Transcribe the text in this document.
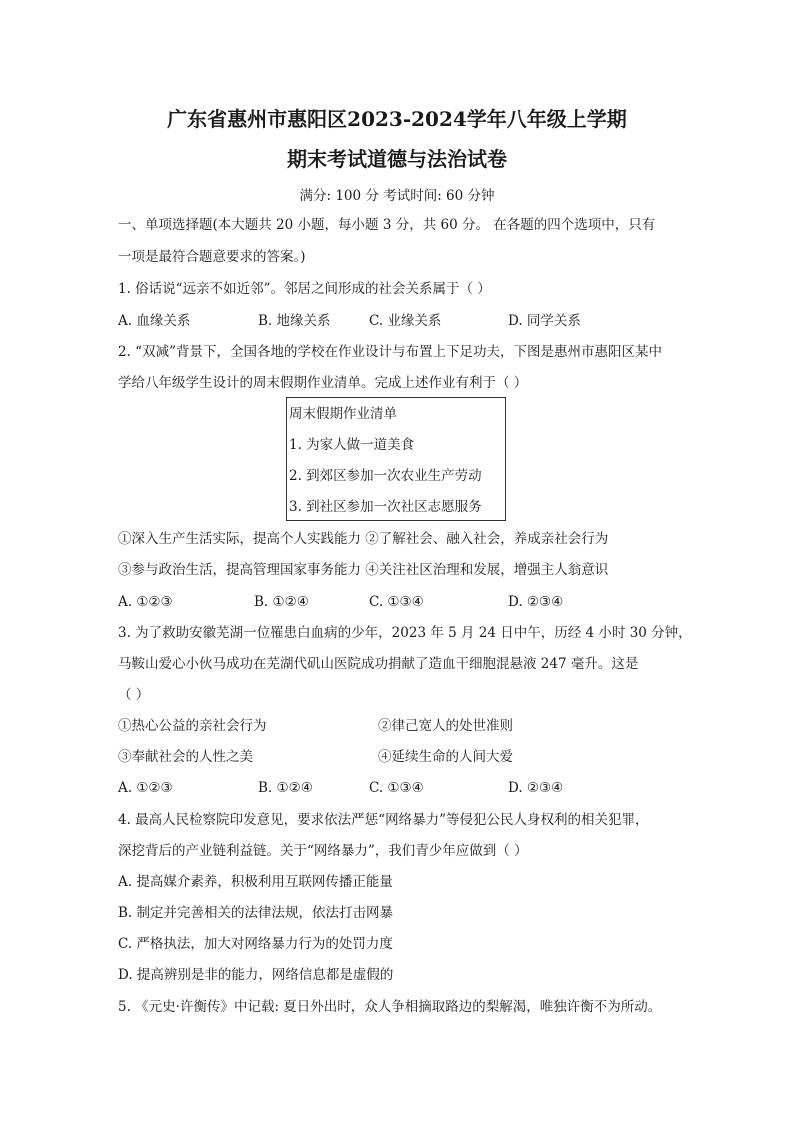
广东省惠州市惠阳区2023-2024学年八年级上学期
期末考试道德与法治试卷
满分: 100 分 考试时间: 60 分钟
一、单项选择题(本大题共 20 小题，每小题 3 分，共 60 分。 在各题的四个选项中，只有
一项是最符合题意要求的答案。)
1. 俗话说“远亲不如近邻”。邻居之间形成的社会关系属于（ ）
A. 血缘关系	B. 地缘关系	C. 业缘关系	D. 同学关系
2. “双减”背景下，全国各地的学校在作业设计与布置上下足功夫，下图是惠州市惠阳区某中
学给八年级学生设计的周末假期作业清单。完成上述作业有利于（ ）
周末假期作业清单
1. 为家人做一道美食
2. 到郊区参加一次农业生产劳动
3. 到社区参加一次社区志愿服务
①深入生产生活实际，提高个人实践能力 ②了解社会、融入社会，养成亲社会行为
③参与政治生活，提高管理国家事务能力 ④关注社区治理和发展，增强主人翁意识
A. ①②③	B. ①②④	C. ①③④	D. ②③④
3. 为了救助安徽芜湖一位罹患白血病的少年，2023 年 5 月 24 日中午，历经 4 小时 30 分钟，
马鞍山爱心小伙马成功在芜湖代矶山医院成功捐献了造血干细胞混悬液 247 毫升。这是
（ ）
①热心公益的亲社会行为	②律己宽人的处世准则
③奉献社会的人性之美	④延续生命的人间大爱
A. ①②③	B. ①②④	C. ①③④	D. ②③④
4. 最高人民检察院印发意见，要求依法严惩“网络暴力”等侵犯公民人身权利的相关犯罪，
深挖背后的产业链利益链。关于“网络暴力”，我们青少年应做到（ ）
A. 提高媒介素养，积极利用互联网传播正能量
B. 制定并完善相关的法律法规，依法打击网暴
C. 严格执法，加大对网络暴力行为的处罚力度
D. 提高辨别是非的能力，网络信息都是虚假的
5. 《元史·许衡传》中记载: 夏日外出时，众人争相摘取路边的梨解渴，唯独许衡不为所动。
